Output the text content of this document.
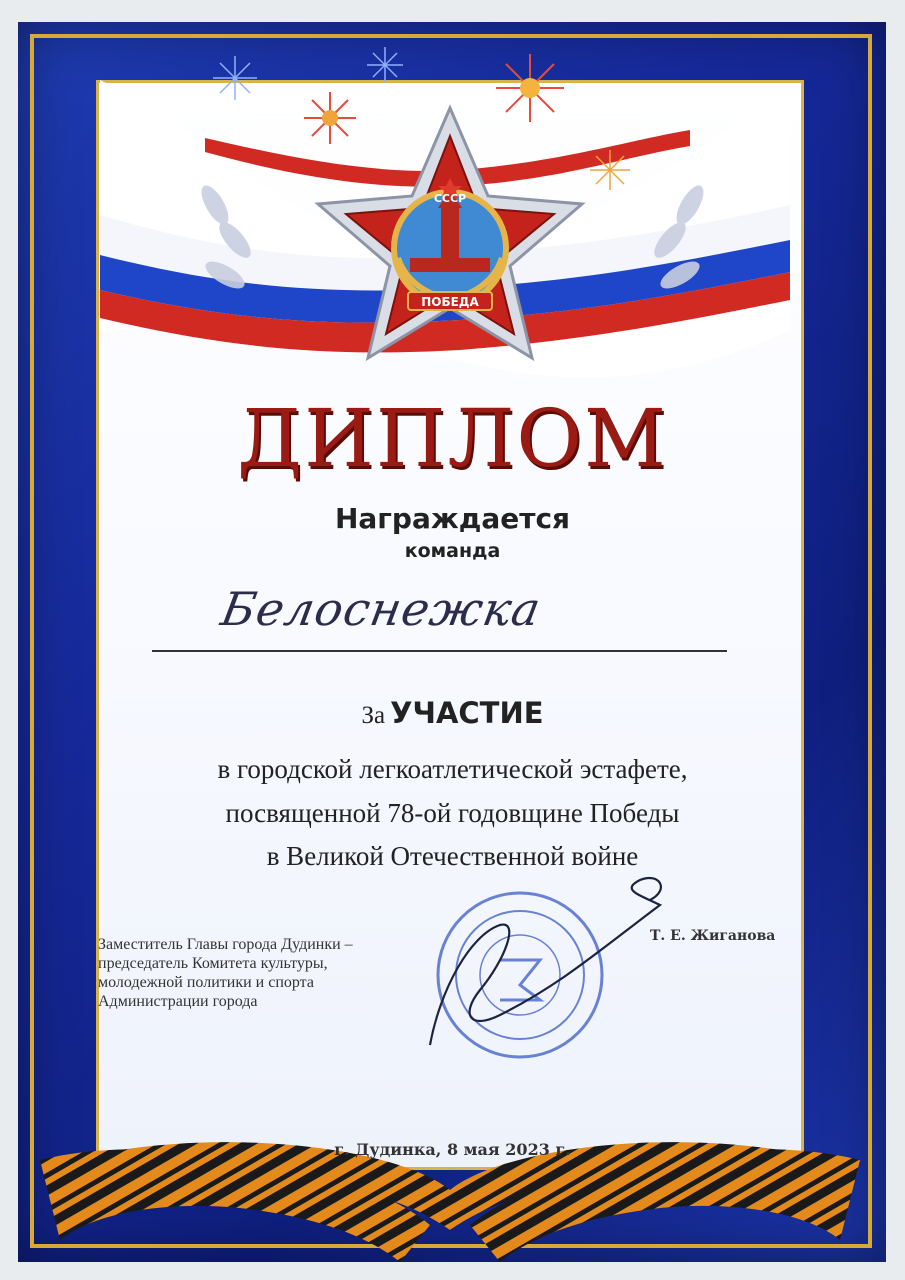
СССР
ПОБЕДА
ДИПЛОМ
Награждается
команда
Белоснежка
За УЧАСТИЕ
в городской легкоатлетической эстафете,
посвященной 78-ой годовщине Победы
в Великой Отечественной войне
Заместитель Главы города Дудинки –
председатель Комитета культуры,
молодежной политики и спорта
Администрации города
Т. Е. Жиганова
г. Дудинка, 8 мая 2023 г.
